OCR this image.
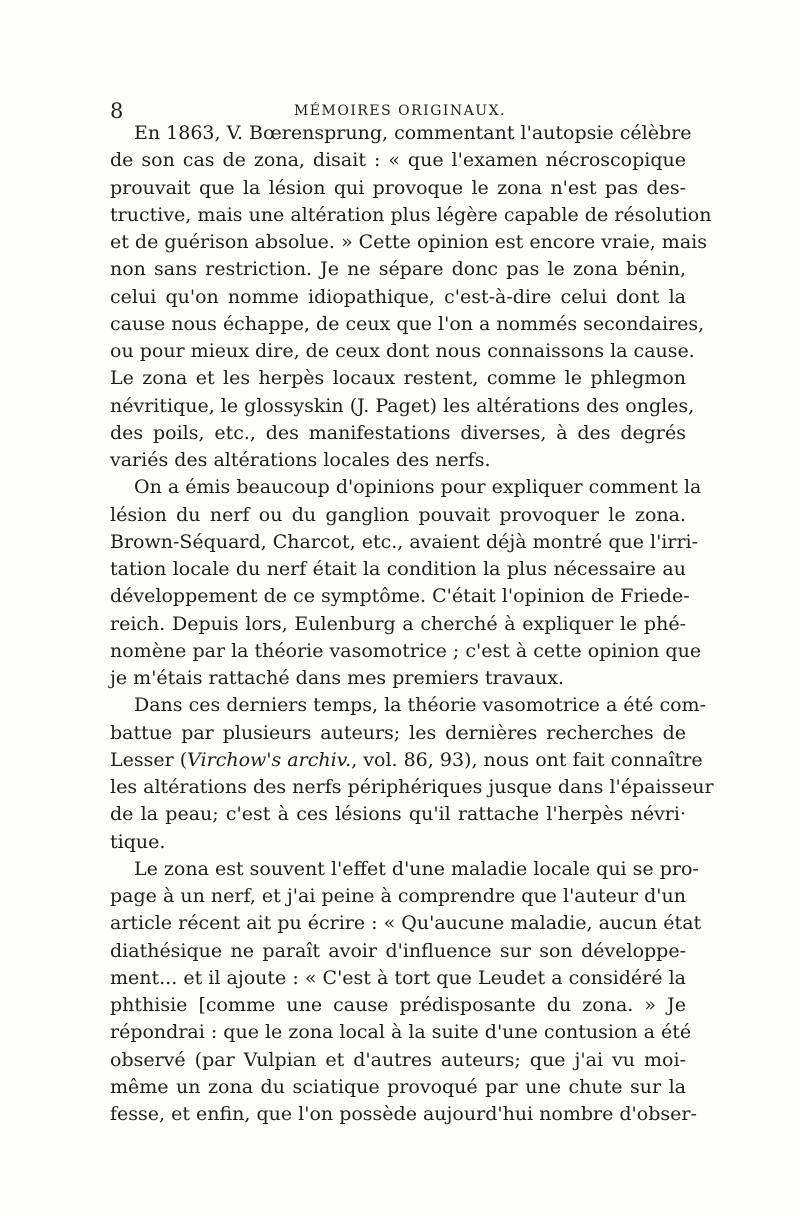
8	MÉMOIRES ORIGINAUX.
En 1863, V. Bœrensprung, commentant l'autopsie célèbre
de son cas de zona, disait : « que l'examen nécroscopique
prouvait que la lésion qui provoque le zona n'est pas des-
tructive, mais une altération plus légère capable de résolution
et de guérison absolue. » Cette opinion est encore vraie, mais
non sans restriction. Je ne sépare donc pas le zona bénin,
celui qu'on nomme idiopathique, c'est-à-dire celui dont la
cause nous échappe, de ceux que l'on a nommés secondaires,
ou pour mieux dire, de ceux dont nous connaissons la cause.
Le zona et les herpès locaux restent, comme le phlegmon
névritique, le glossyskin (J. Paget) les altérations des ongles,
des poils, etc., des manifestations diverses, à des degrés
variés des altérations locales des nerfs.
On a émis beaucoup d'opinions pour expliquer comment la
lésion du nerf ou du ganglion pouvait provoquer le zona.
Brown-Séquard, Charcot, etc., avaient déjà montré que l'irri-
tation locale du nerf était la condition la plus nécessaire au
développement de ce symptôme. C'était l'opinion de Friede-
reich. Depuis lors, Eulenburg a cherché à expliquer le phé-
nomène par la théorie vasomotrice ; c'est à cette opinion que
je m'étais rattaché dans mes premiers travaux.
Dans ces derniers temps, la théorie vasomotrice a été com-
battue par plusieurs auteurs; les dernières recherches de
Lesser (Virchow's archiv., vol. 86, 93), nous ont fait connaître
les altérations des nerfs périphériques jusque dans l'épaisseur
de la peau; c'est à ces lésions qu'il rattache l'herpès névri·
tique.
Le zona est souvent l'effet d'une maladie locale qui se pro-
page à un nerf, et j'ai peine à comprendre que l'auteur d'un
article récent ait pu écrire : « Qu'aucune maladie, aucun état
diathésique ne paraît avoir d'influence sur son développe-
ment... et il ajoute : « C'est à tort que Leudet a considéré la
phthisie [comme une cause prédisposante du zona. » Je
répondrai : que le zona local à la suite d'une contusion a été
observé (par Vulpian et d'autres auteurs; que j'ai vu moi-
même un zona du sciatique provoqué par une chute sur la
fesse, et enfin, que l'on possède aujourd'hui nombre d'obser-
